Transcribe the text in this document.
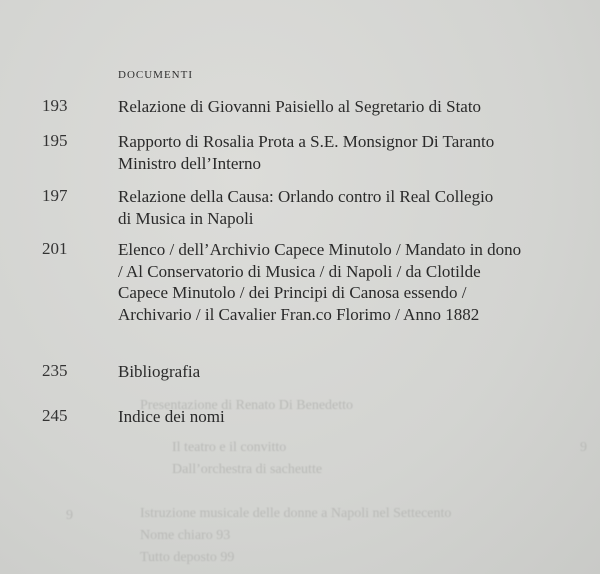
Presentazione di Renato Di Benedetto
Il teatro e il convitto
Dall’orchestra di sacheutte
Istruzione musicale delle donne a Napoli nel Settecento
Nome chiaro 93
Tutto deposto 99
9
9
DOCUMENTI
193	Relazione di Giovanni Paisiello al Segretario di Stato
195	Rapporto di Rosalia Prota a S.E. Monsignor Di Taranto
Ministro dell’Interno
197	Relazione della Causa: Orlando contro il Real Collegio
di Musica in Napoli
201	Elenco / dell’Archivio Capece Minutolo / Mandato in dono
/ Al Conservatorio di Musica / di Napoli / da Clotilde
Capece Minutolo / dei Principi di Canosa essendo /
Archivario / il Cavalier Fran.co Florimo / Anno 1882
235	Bibliografia
245	Indice dei nomi
